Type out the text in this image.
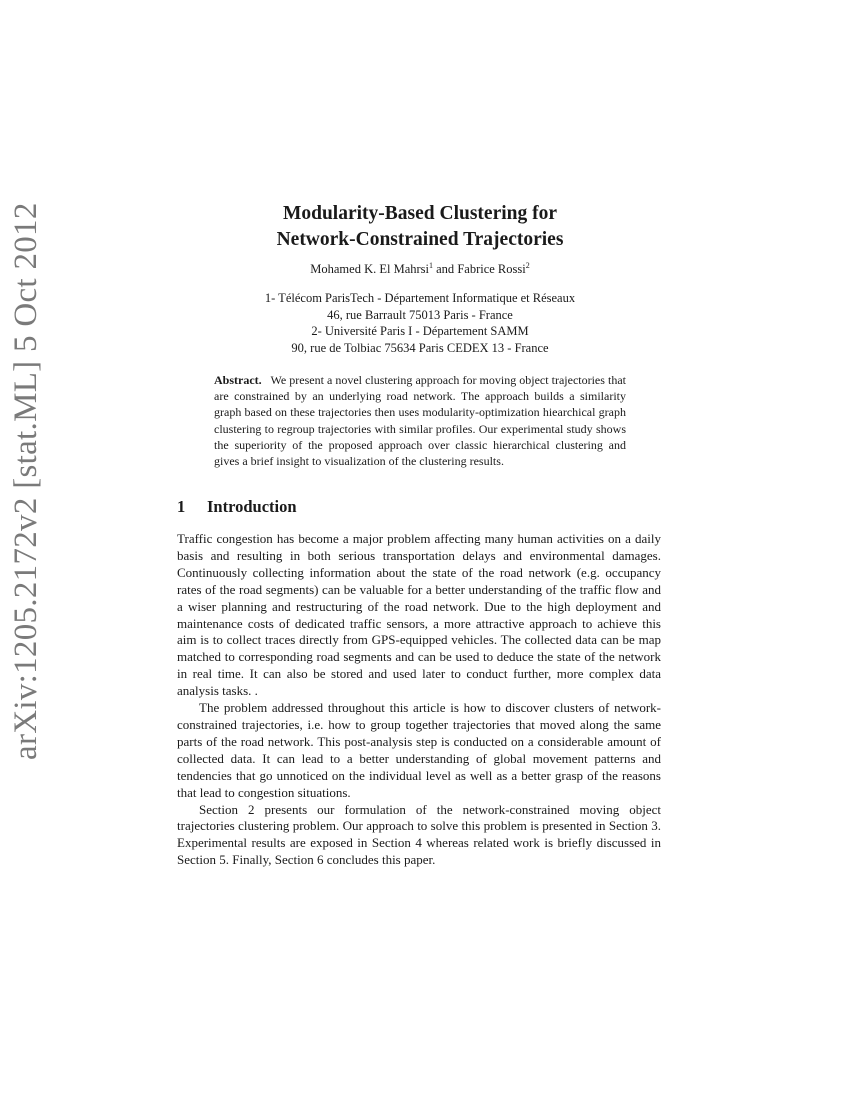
arXiv:1205.2172v2 [stat.ML] 5 Oct 2012	Modularity-Based Clustering for
Network-Constrained Trajectories
Mohamed K. El Mahrsi$^1$ and Fabrice Rossi$^2$
1- Télécom ParisTech - Département Informatique et Réseaux
46, rue Barrault 75013 Paris - France
2- Université Paris I - Département SAMM
90, rue de Tolbiac 75634 Paris CEDEX 13 - France
Abstract. We present a novel clustering approach for moving object trajectories that are constrained by an underlying road network. The approach builds a similarity graph based on these trajectories then uses modularity-optimization hiearchical graph clustering to regroup trajectories with similar profiles. Our experimental study shows the superiority of the proposed approach over classic hierarchical clustering and gives a brief insight to visualization of the clustering results.
1 Introduction

Traffic congestion has become a major problem affecting many human activities on a daily basis and resulting in both serious transportation delays and environmental damages. Continuously collecting information about the state of the road network (e.g. occupancy rates of the road segments) can be valuable for a better understanding of the traffic flow and a wiser planning and restructuring of the road network. Due to the high deployment and maintenance costs of dedicated traffic sensors, a more attractive approach to achieve this aim is to collect traces directly from GPS-equipped vehicles. The collected data can be map matched to corresponding road segments and can be used to deduce the state of the network in real time. It can also be stored and used later to conduct further, more complex data analysis tasks. .

The problem addressed throughout this article is how to discover clusters of network-constrained trajectories, i.e. how to group together trajectories that moved along the same parts of the road network. This post-analysis step is conducted on a considerable amount of collected data. It can lead to a better understanding of global movement patterns and tendencies that go unnoticed on the individual level as well as a better grasp of the reasons that lead to congestion situations.

Section 2 presents our formulation of the network-constrained moving object trajectories clustering problem. Our approach to solve this problem is presented in Section 3. Experimental results are exposed in Section 4 whereas related work is briefly discussed in Section 5. Finally, Section 6 concludes this paper.
